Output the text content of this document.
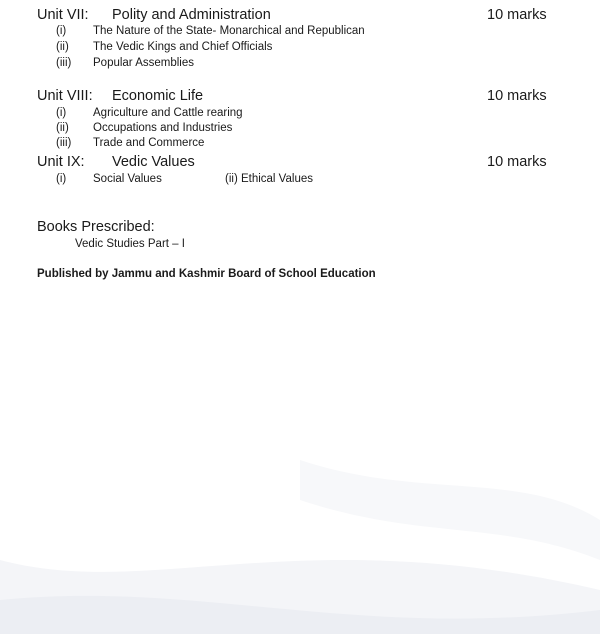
Unit VII: Polity and Administration	10 marks
(i) The Nature of the State- Monarchical and Republican
(ii) The Vedic Kings and Chief Officials
(iii) Popular Assemblies
Unit VIII: Economic Life	10 marks
(i) Agriculture and Cattle rearing
(ii) Occupations and Industries
(iii) Trade and Commerce
Unit IX: Vedic Values	10 marks
(i) Social Values	(ii) Ethical Values
Books Prescribed:
Vedic Studies Part – I
Published by Jammu and Kashmir Board of School Education
